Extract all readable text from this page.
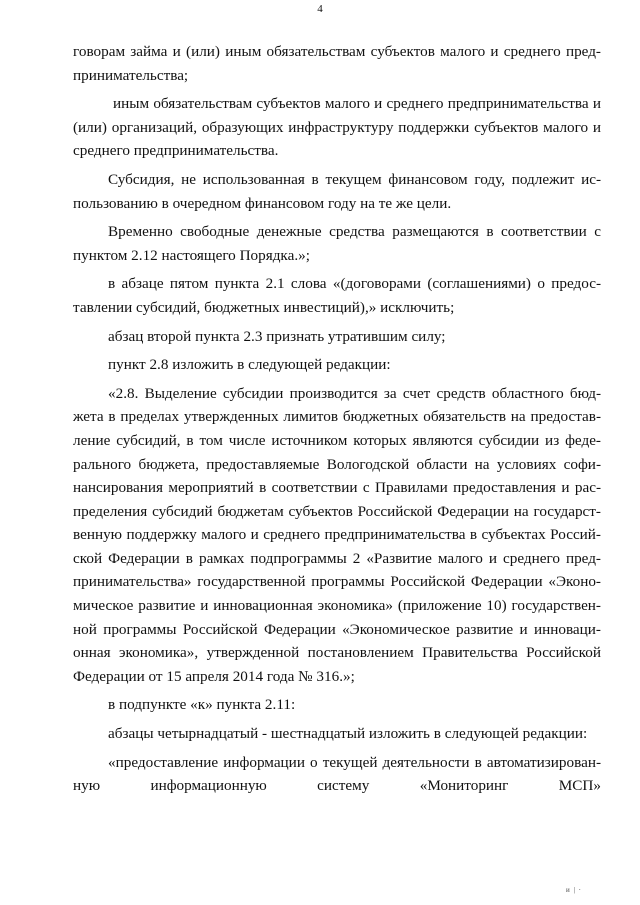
4
говорам займа и (или) иным обязательствам субъектов малого и среднего пред-
принимательства;
иным обязательствам субъектов малого и среднего предпринимательства и
(или) организаций, образующих инфраструктуру поддержки субъектов малого и
среднего предпринимательства.
Субсидия, не использованная в текущем финансовом году, подлежит ис-
пользованию в очередном финансовом году на те же цели.
Временно свободные денежные средства размещаются в соответствии с
пунктом 2.12 настоящего Порядка.»;
в абзаце пятом пункта 2.1 слова «(договорами (соглашениями) о предос-
тавлении субсидий, бюджетных инвестиций),» исключить;
абзац второй пункта 2.3 признать утратившим силу;
пункт 2.8 изложить в следующей редакции:
«2.8. Выделение субсидии производится за счет средств областного бюд-
жета в пределах утвержденных лимитов бюджетных обязательств на предостав-
ление субсидий, в том числе источником которых являются субсидии из феде-
рального бюджета, предоставляемые Вологодской области на условиях софи-
нансирования мероприятий в соответствии с Правилами предоставления и рас-
пределения субсидий бюджетам субъектов Российской Федерации на государст-
венную поддержку малого и среднего предпринимательства в субъектах Россий-
ской Федерации в рамках подпрограммы 2 «Развитие малого и среднего пред-
принимательства» государственной программы Российской Федерации «Эконо-
мическое развитие и инновационная экономика» (приложение 10) государствен-
ной программы Российской Федерации «Экономическое развитие и инноваци-
онная экономика», утвержденной постановлением Правительства Российской
Федерации от 15 апреля 2014 года № 316.»;
в подпункте «к» пункта 2.11:
абзацы четырнадцатый - шестнадцатый изложить в следующей редакции:
«предоставление информации о текущей деятельности в автоматизирован-
ную	информационную	систему	«Мониторинг	МСП»
и | ·
